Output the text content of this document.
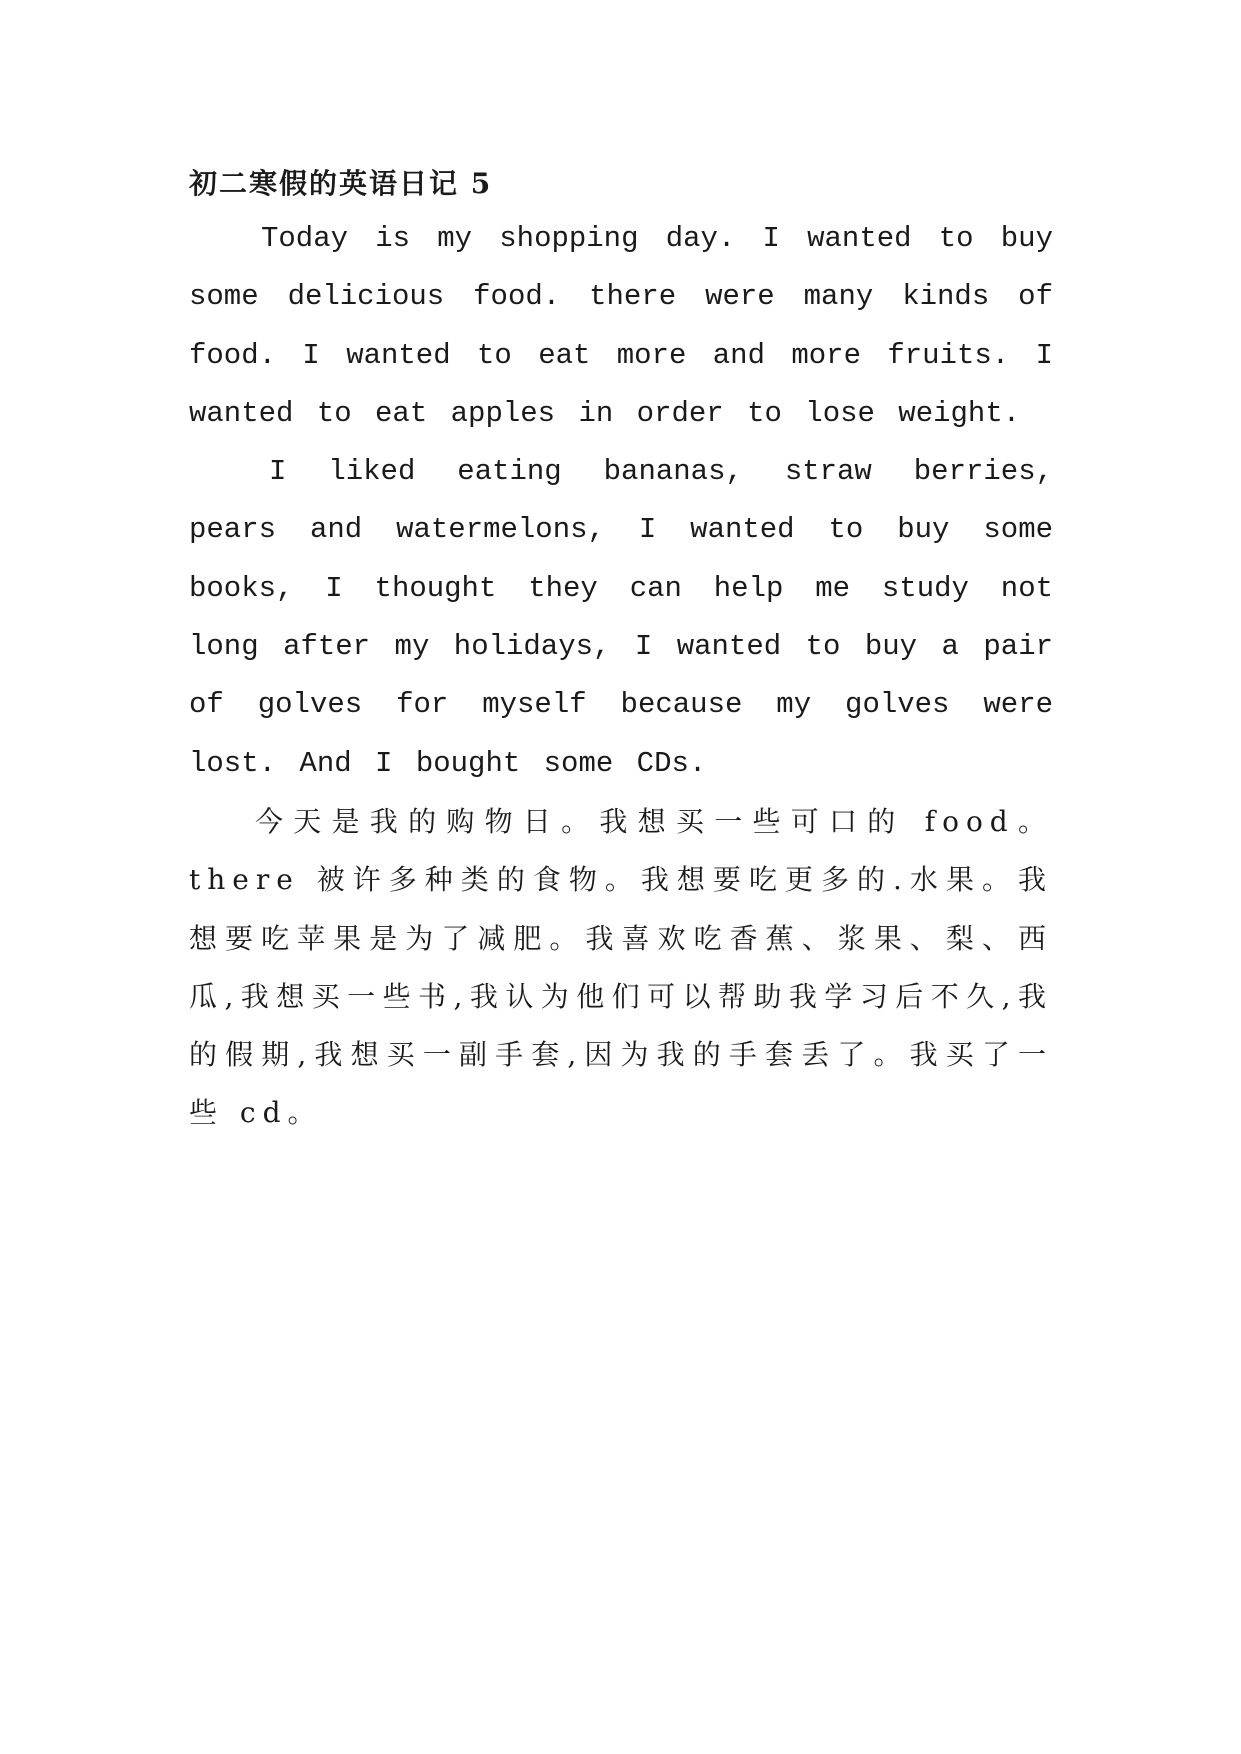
初二寒假的英语日记 5

Today is my shopping day. I wanted to buy some delicious food. there were many kinds of food. I wanted to eat more and more fruits. I wanted to eat apples in order to lose weight.

I liked eating bananas, straw berries, pears and watermelons, I wanted to buy some books, I thought they can help me study not long after my holidays, I wanted to buy a pair of golves for myself because my golves were lost. And I bought some CDs.

今天是我的购物日。我想买一些可口的 food。there 被许多种类的食物。我想要吃更多的.水果。我想要吃苹果是为了减肥。我喜欢吃香蕉、浆果、梨、西瓜,我想买一些书,我认为他们可以帮助我学习后不久,我的假期,我想买一副手套,因为我的手套丢了。我买了一些 cd。
